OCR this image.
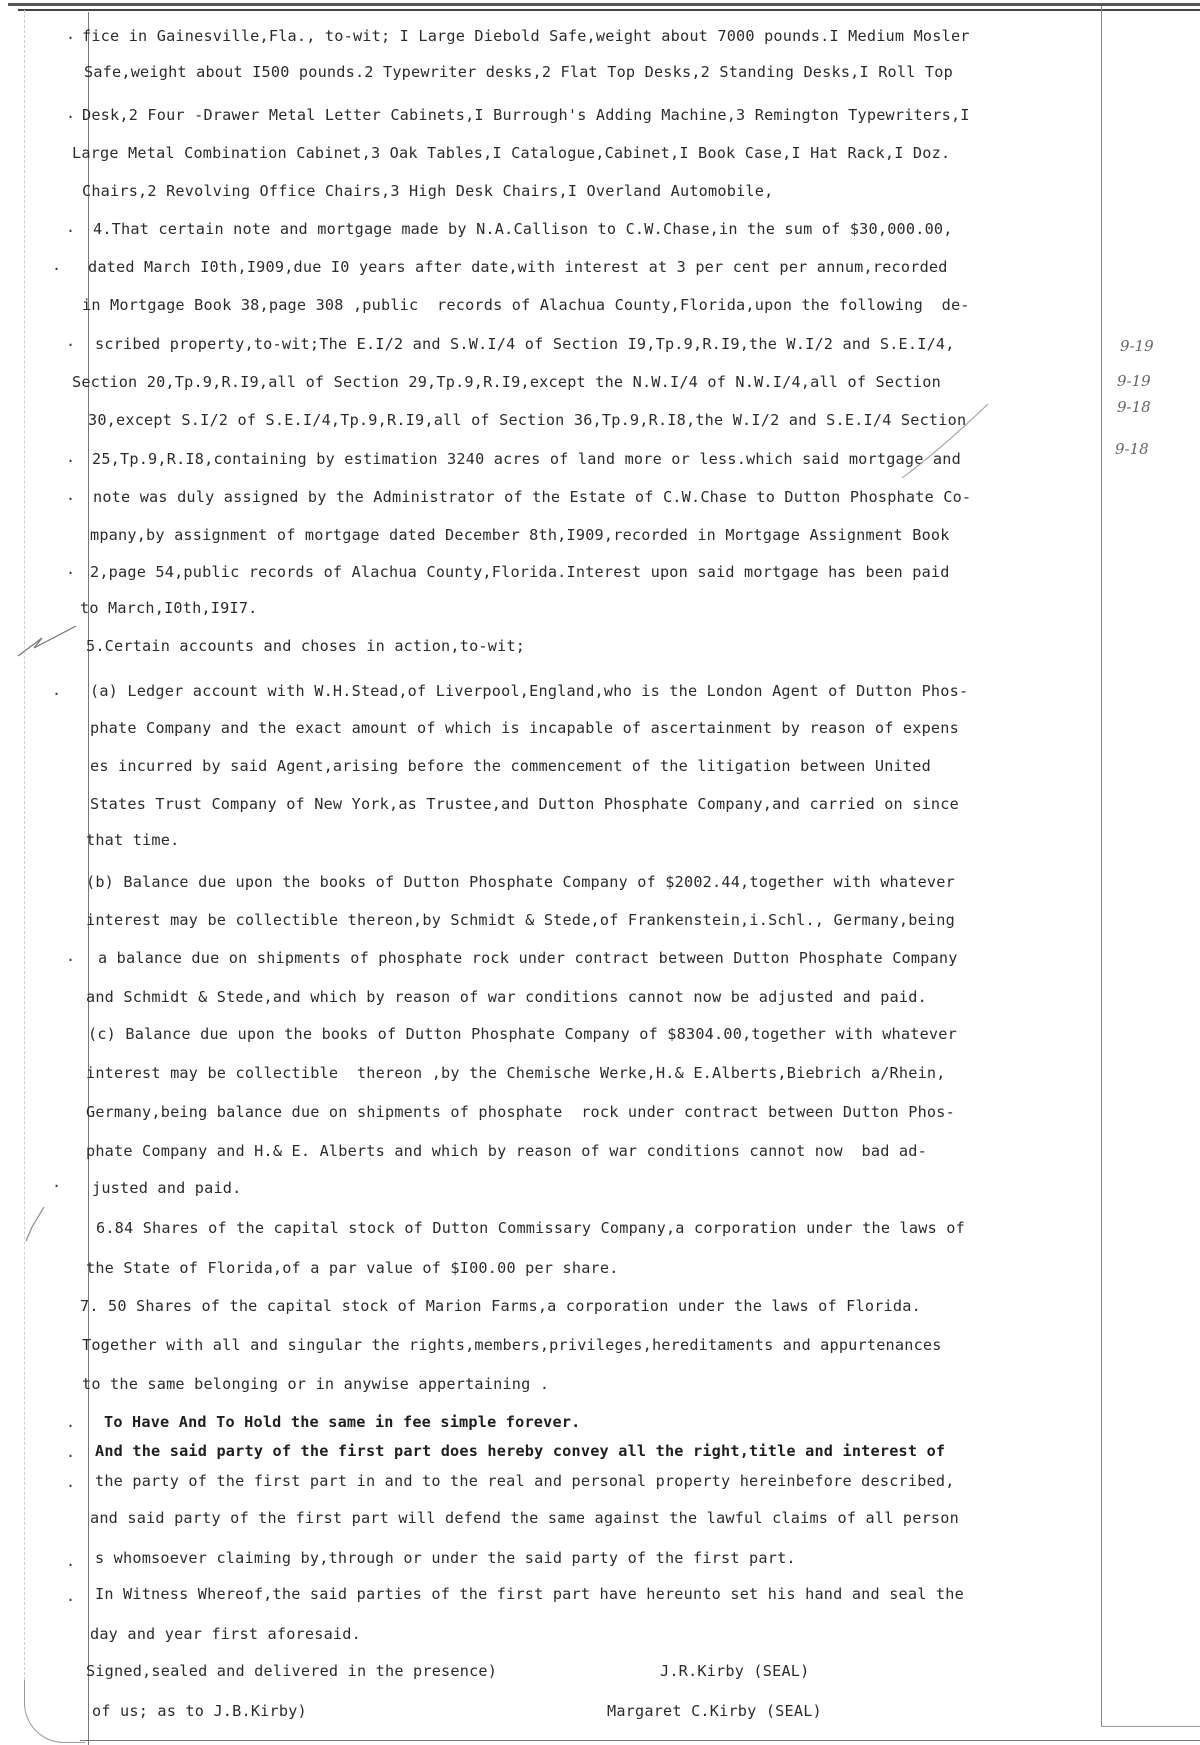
.
.
.
.
.
.
.
.
.
.
.
.
.
.
.
.
fice in Gainesville,Fla., to-wit; I Large Diebold Safe,weight about 7000 pounds.I Medium Mosler
Safe,weight about I500 pounds.2 Typewriter desks,2 Flat Top Desks,2 Standing Desks,I Roll Top
Desk,2 Four -Drawer Metal Letter Cabinets,I Burrough's Adding Machine,3 Remington Typewriters,I
Large Metal Combination Cabinet,3 Oak Tables,I Catalogue,Cabinet,I Book Case,I Hat Rack,I Doz.
Chairs,2 Revolving Office Chairs,3 High Desk Chairs,I Overland Automobile,
4.That certain note and mortgage made by N.A.Callison to C.W.Chase,in the sum of $30,000.00,
dated March I0th,I909,due I0 years after date,with interest at 3 per cent per annum,recorded
in Mortgage Book 38,page 308 ,public  records of Alachua County,Florida,upon the following  de-
scribed property,to-wit;The E.I/2 and S.W.I/4 of Section I9,Tp.9,R.I9,the W.I/2 and S.E.I/4,
Section 20,Tp.9,R.I9,all of Section 29,Tp.9,R.I9,except the N.W.I/4 of N.W.I/4,all of Section
30,except S.I/2 of S.E.I/4,Tp.9,R.I9,all of Section 36,Tp.9,R.I8,the W.I/2 and S.E.I/4 Section
25,Tp.9,R.I8,containing by estimation 3240 acres of land more or less.which said mortgage and
note was duly assigned by the Administrator of the Estate of C.W.Chase to Dutton Phosphate Co-
mpany,by assignment of mortgage dated December 8th,I909,recorded in Mortgage Assignment Book
2,page 54,public records of Alachua County,Florida.Interest upon said mortgage has been paid
to March,I0th,I9I7.
5.Certain accounts and choses in action,to-wit;
(a) Ledger account with W.H.Stead,of Liverpool,England,who is the London Agent of Dutton Phos-
phate Company and the exact amount of which is incapable of ascertainment by reason of expens
es incurred by said Agent,arising before the commencement of the litigation between United
States Trust Company of New York,as Trustee,and Dutton Phosphate Company,and carried on since
that time.
(b) Balance due upon the books of Dutton Phosphate Company of $2002.44,together with whatever
interest may be collectible thereon,by Schmidt & Stede,of Frankenstein,i.Schl., Germany,being
a balance due on shipments of phosphate rock under contract between Dutton Phosphate Company
and Schmidt & Stede,and which by reason of war conditions cannot now be adjusted and paid.
(c) Balance due upon the books of Dutton Phosphate Company of $8304.00,together with whatever
interest may be collectible  thereon ,by the Chemische Werke,H.& E.Alberts,Biebrich a/Rhein,
Germany,being balance due on shipments of phosphate  rock under contract between Dutton Phos-
phate Company and H.& E. Alberts and which by reason of war conditions cannot now  bad ad-
justed and paid.
6.84 Shares of the capital stock of Dutton Commissary Company,a corporation under the laws of
the State of Florida,of a par value of $I00.00 per share.
7. 50 Shares of the capital stock of Marion Farms,a corporation under the laws of Florida.
Together with all and singular the rights,members,privileges,hereditaments and appurtenances
to the same belonging or in anywise appertaining .
To Have And To Hold the same in fee simple forever.
And the said party of the first part does hereby convey all the right,title and interest of
the party of the first part in and to the real and personal property hereinbefore described,
and said party of the first part will defend the same against the lawful claims of all person
s whomsoever claiming by,through or under the said party of the first part.
In Witness Whereof,the said parties of the first part have hereunto set his hand and seal the
day and year first aforesaid.
Signed,sealed and delivered in the presence)
of us; as to J.B.Kirby)
J.R.Kirby (SEAL)
Margaret C.Kirby (SEAL)
9-19
9-19
9-18
9-18
